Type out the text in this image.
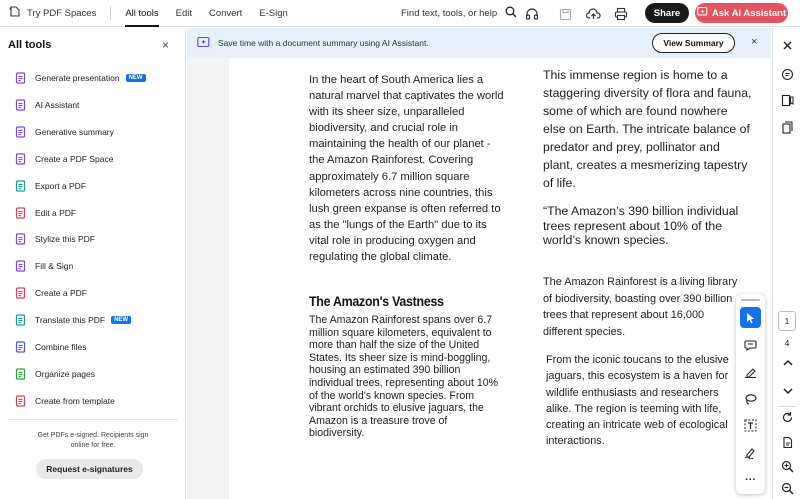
Try PDF Spaces	All tools Edit Convert E-Sign	Find text, tools, or help	Share	Ask AI Assistant
All tools	×
Generate presentation	NEW
AI Assistant
Generative summary
Create a PDF Space
Export a PDF
Edit a PDF
Stylize this PDF
Fill & Sign
Create a PDF
Translate this PDF	NEW
Combine files
Organize pages
Create from template
Get PDFs e-signed. Recipients sign
online for free.
Request e-signatures
Save time with a document summary using AI Assistant.	View Summary	×
In the heart of South America lies a natural marvel that captivates the world with its sheer size, unparalleled biodiversity, and crucial role in maintaining the health of our planet - the Amazon Rainforest. Covering approximately 6.7 million square kilometers across nine countries, this lush green expanse is often referred to as the "lungs of the Earth" due to its vital role in producing oxygen and regulating the global climate.
The Amazon's Vastness
The Amazon Rainforest spans over 6.7 million square kilometers, equivalent to more than half the size of the United States. Its sheer size is mind-boggling, housing an estimated 390 billion individual trees, representing about 10% of the world's known species. From vibrant orchids to elusive jaguars, the Amazon is a treasure trove of biodiversity.
This immense region is home to a staggering diversity of flora and fauna, some of which are found nowhere else on Earth. The intricate balance of predator and prey, pollinator and plant, creates a mesmerizing tapestry of life.
“The Amazon’s 390 billion individual trees represent about 10% of the world’s known species.
The Amazon Rainforest is a living library of biodiversity, boasting over 390 billion trees that represent about 16,000 different species.
From the iconic toucans to the elusive jaguars, this ecosystem is a haven for wildlife enthusiasts and researchers alike. The region is teeming with life, creating an intricate web of ecological interactions.
···
1
4
